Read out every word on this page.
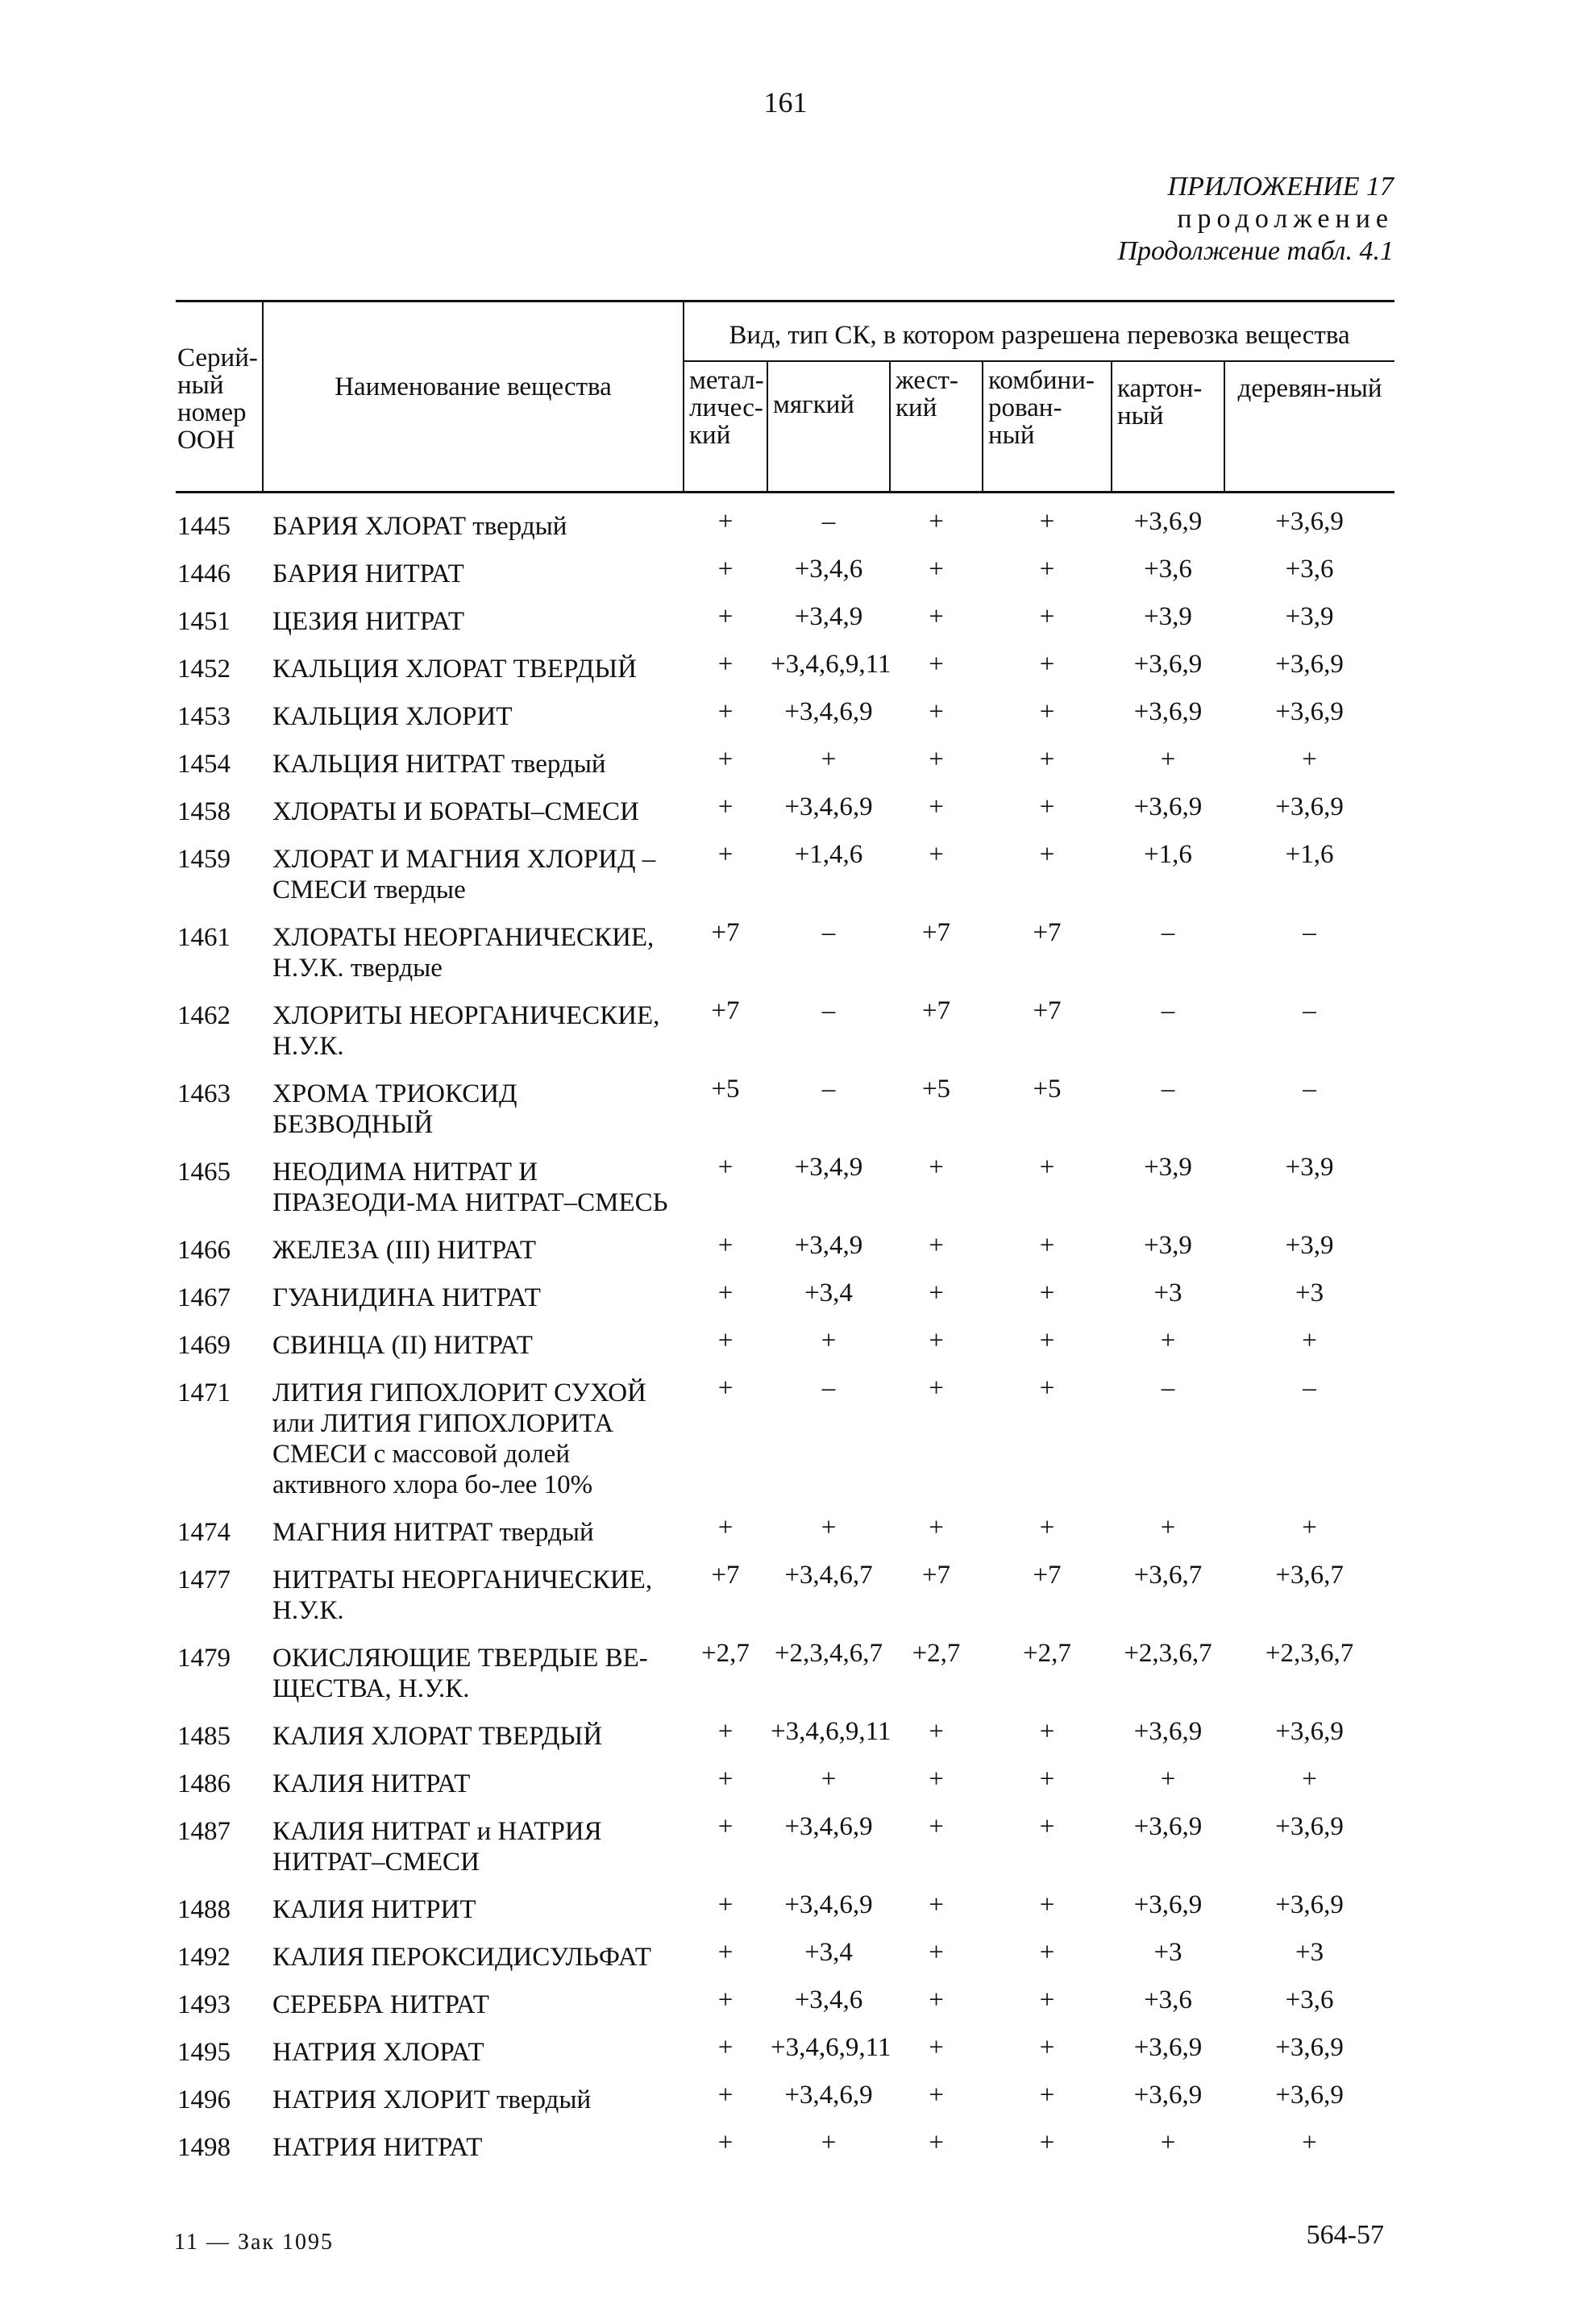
161
ПРИЛОЖЕНИЕ 17
продолжение
Продолжение табл. 4.1
Серий-ный номер ООН	Наименование вещества	Вид, тип СК, в котором разрешена перевозка вещества					
		метал-личес-кий	мягкий	жест-кий	комбини-рован-ный	картон-ный	деревян-ный
1445	БАРИЯ ХЛОРАТ твердый	+	–	+	+	+3,6,9	+3,6,9
1446	БАРИЯ НИТРАТ	+	+3,4,6	+	+	+3,6	+3,6
1451	ЦЕЗИЯ НИТРАТ	+	+3,4,9	+	+	+3,9	+3,9
1452	КАЛЬЦИЯ ХЛОРАТ ТВЕРДЫЙ	+	+3,4,6,9,11	+	+	+3,6,9	+3,6,9
1453	КАЛЬЦИЯ ХЛОРИТ	+	+3,4,6,9	+	+	+3,6,9	+3,6,9
1454	КАЛЬЦИЯ НИТРАТ твердый	+	+	+	+	+	+
1458	ХЛОРАТЫ И БОРАТЫ–СМЕСИ	+	+3,4,6,9	+	+	+3,6,9	+3,6,9
1459	ХЛОРАТ И МАГНИЯ ХЛОРИД – СМЕСИ твердые	+	+1,4,6	+	+	+1,6	+1,6
1461	ХЛОРАТЫ НЕОРГАНИЧЕСКИЕ, Н.У.К. твердые	+7	–	+7	+7	–	–
1462	ХЛОРИТЫ НЕОРГАНИЧЕСКИЕ, Н.У.К.	+7	–	+7	+7	–	–
1463	ХРОМА ТРИОКСИД БЕЗВОДНЫЙ	+5	–	+5	+5	–	–
1465	НЕОДИМА НИТРАТ И ПРАЗЕОДИ-МА НИТРАТ–СМЕСЬ	+	+3,4,9	+	+	+3,9	+3,9
1466	ЖЕЛЕЗА (III) НИТРАТ	+	+3,4,9	+	+	+3,9	+3,9
1467	ГУАНИДИНА НИТРАТ	+	+3,4	+	+	+3	+3
1469	СВИНЦА (II) НИТРАТ	+	+	+	+	+	+
1471	ЛИТИЯ ГИПОХЛОРИТ СУХОЙ или ЛИТИЯ ГИПОХЛОРИТА СМЕСИ с массовой долей активного хлора бо-лее 10%	+	–	+	+	–	–
1474	МАГНИЯ НИТРАТ твердый	+	+	+	+	+	+
1477	НИТРАТЫ НЕОРГАНИЧЕСКИЕ, Н.У.К.	+7	+3,4,6,7	+7	+7	+3,6,7	+3,6,7
1479	ОКИСЛЯЮЩИЕ ТВЕРДЫЕ ВЕ-ЩЕСТВА, Н.У.К.	+2,7	+2,3,4,6,7	+2,7	+2,7	+2,3,6,7	+2,3,6,7
1485	КАЛИЯ ХЛОРАТ ТВЕРДЫЙ	+	+3,4,6,9,11	+	+	+3,6,9	+3,6,9
1486	КАЛИЯ НИТРАТ	+	+	+	+	+	+
1487	КАЛИЯ НИТРАТ и НАТРИЯ НИТРАТ–СМЕСИ	+	+3,4,6,9	+	+	+3,6,9	+3,6,9
1488	КАЛИЯ НИТРИТ	+	+3,4,6,9	+	+	+3,6,9	+3,6,9
1492	КАЛИЯ ПЕРОКСИДИСУЛЬФАТ	+	+3,4	+	+	+3	+3
1493	СЕРЕБРА НИТРАТ	+	+3,4,6	+	+	+3,6	+3,6
1495	НАТРИЯ ХЛОРАТ	+	+3,4,6,9,11	+	+	+3,6,9	+3,6,9
1496	НАТРИЯ ХЛОРИТ твердый	+	+3,4,6,9	+	+	+3,6,9	+3,6,9
1498	НАТРИЯ НИТРАТ	+	+	+	+	+	+
11 — Зак 1095	564-57
